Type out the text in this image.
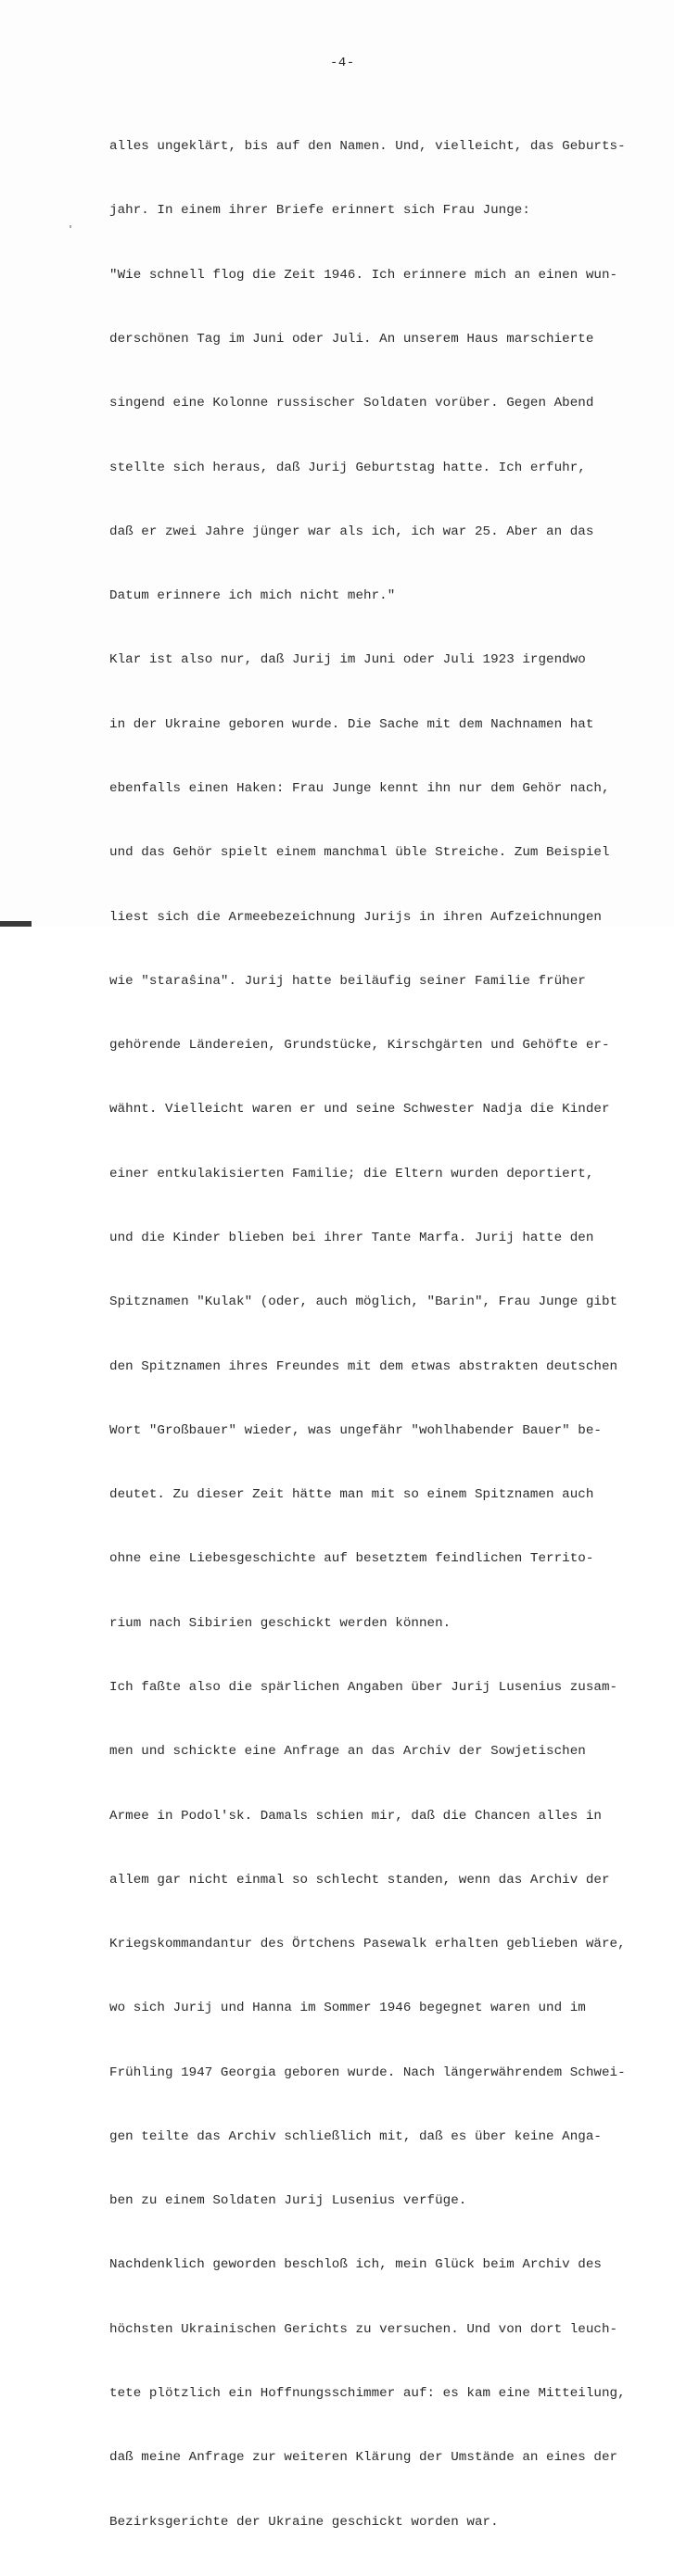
-4-

alles ungeklärt, bis auf den Namen. Und, vielleicht, das Geburts-

jahr. In einem ihrer Briefe erinnert sich Frau Junge:

"Wie schnell flog die Zeit 1946. Ich erinnere mich an einen wun-

derschönen Tag im Juni oder Juli. An unserem Haus marschierte

singend eine Kolonne russischer Soldaten vorüber. Gegen Abend

stellte sich heraus, daß Jurij Geburtstag hatte. Ich erfuhr,

daß er zwei Jahre jünger war als ich, ich war 25. Aber an das

Datum erinnere ich mich nicht mehr."

Klar ist also nur, daß Jurij im Juni oder Juli 1923 irgendwo

in der Ukraine geboren wurde. Die Sache mit dem Nachnamen hat

ebenfalls einen Haken: Frau Junge kennt ihn nur dem Gehör nach,

und das Gehör spielt einem manchmal üble Streiche. Zum Beispiel

liest sich die Armeebezeichnung Jurijs in ihren Aufzeichnungen

wie "staraŝina". Jurij hatte beiläufig seiner Familie früher

gehörende Ländereien, Grundstücke, Kirschgärten und Gehöfte er-

wähnt. Vielleicht waren er und seine Schwester Nadja die Kinder

einer entkulakisierten Familie; die Eltern wurden deportiert,

und die Kinder blieben bei ihrer Tante Marfa. Jurij hatte den

Spitznamen "Kulak" (oder, auch möglich, "Barin", Frau Junge gibt

den Spitznamen ihres Freundes mit dem etwas abstrakten deutschen

Wort "Großbauer" wieder, was ungefähr "wohlhabender Bauer" be-

deutet. Zu dieser Zeit hätte man mit so einem Spitznamen auch

ohne eine Liebesgeschichte auf besetztem feindlichen Territo-

rium nach Sibirien geschickt werden können.

Ich faßte also die spärlichen Angaben über Jurij Lusenius zusam-

men und schickte eine Anfrage an das Archiv der Sowjetischen

Armee in Podol'sk. Damals schien mir, daß die Chancen alles in

allem gar nicht einmal so schlecht standen, wenn das Archiv der

Kriegskommandantur des Örtchens Pasewalk erhalten geblieben wäre,

wo sich Jurij und Hanna im Sommer 1946 begegnet waren und im

Frühling 1947 Georgia geboren wurde. Nach längerwährendem Schwei-

gen teilte das Archiv schließlich mit, daß es über keine Anga-

ben zu einem Soldaten Jurij Lusenius verfüge.

Nachdenklich geworden beschloß ich, mein Glück beim Archiv des

höchsten Ukrainischen Gerichts zu versuchen. Und von dort leuch-

tete plötzlich ein Hoffnungsschimmer auf: es kam eine Mitteilung,

daß meine Anfrage zur weiteren Klärung der Umstände an eines der

Bezirksgerichte der Ukraine geschickt worden war.
